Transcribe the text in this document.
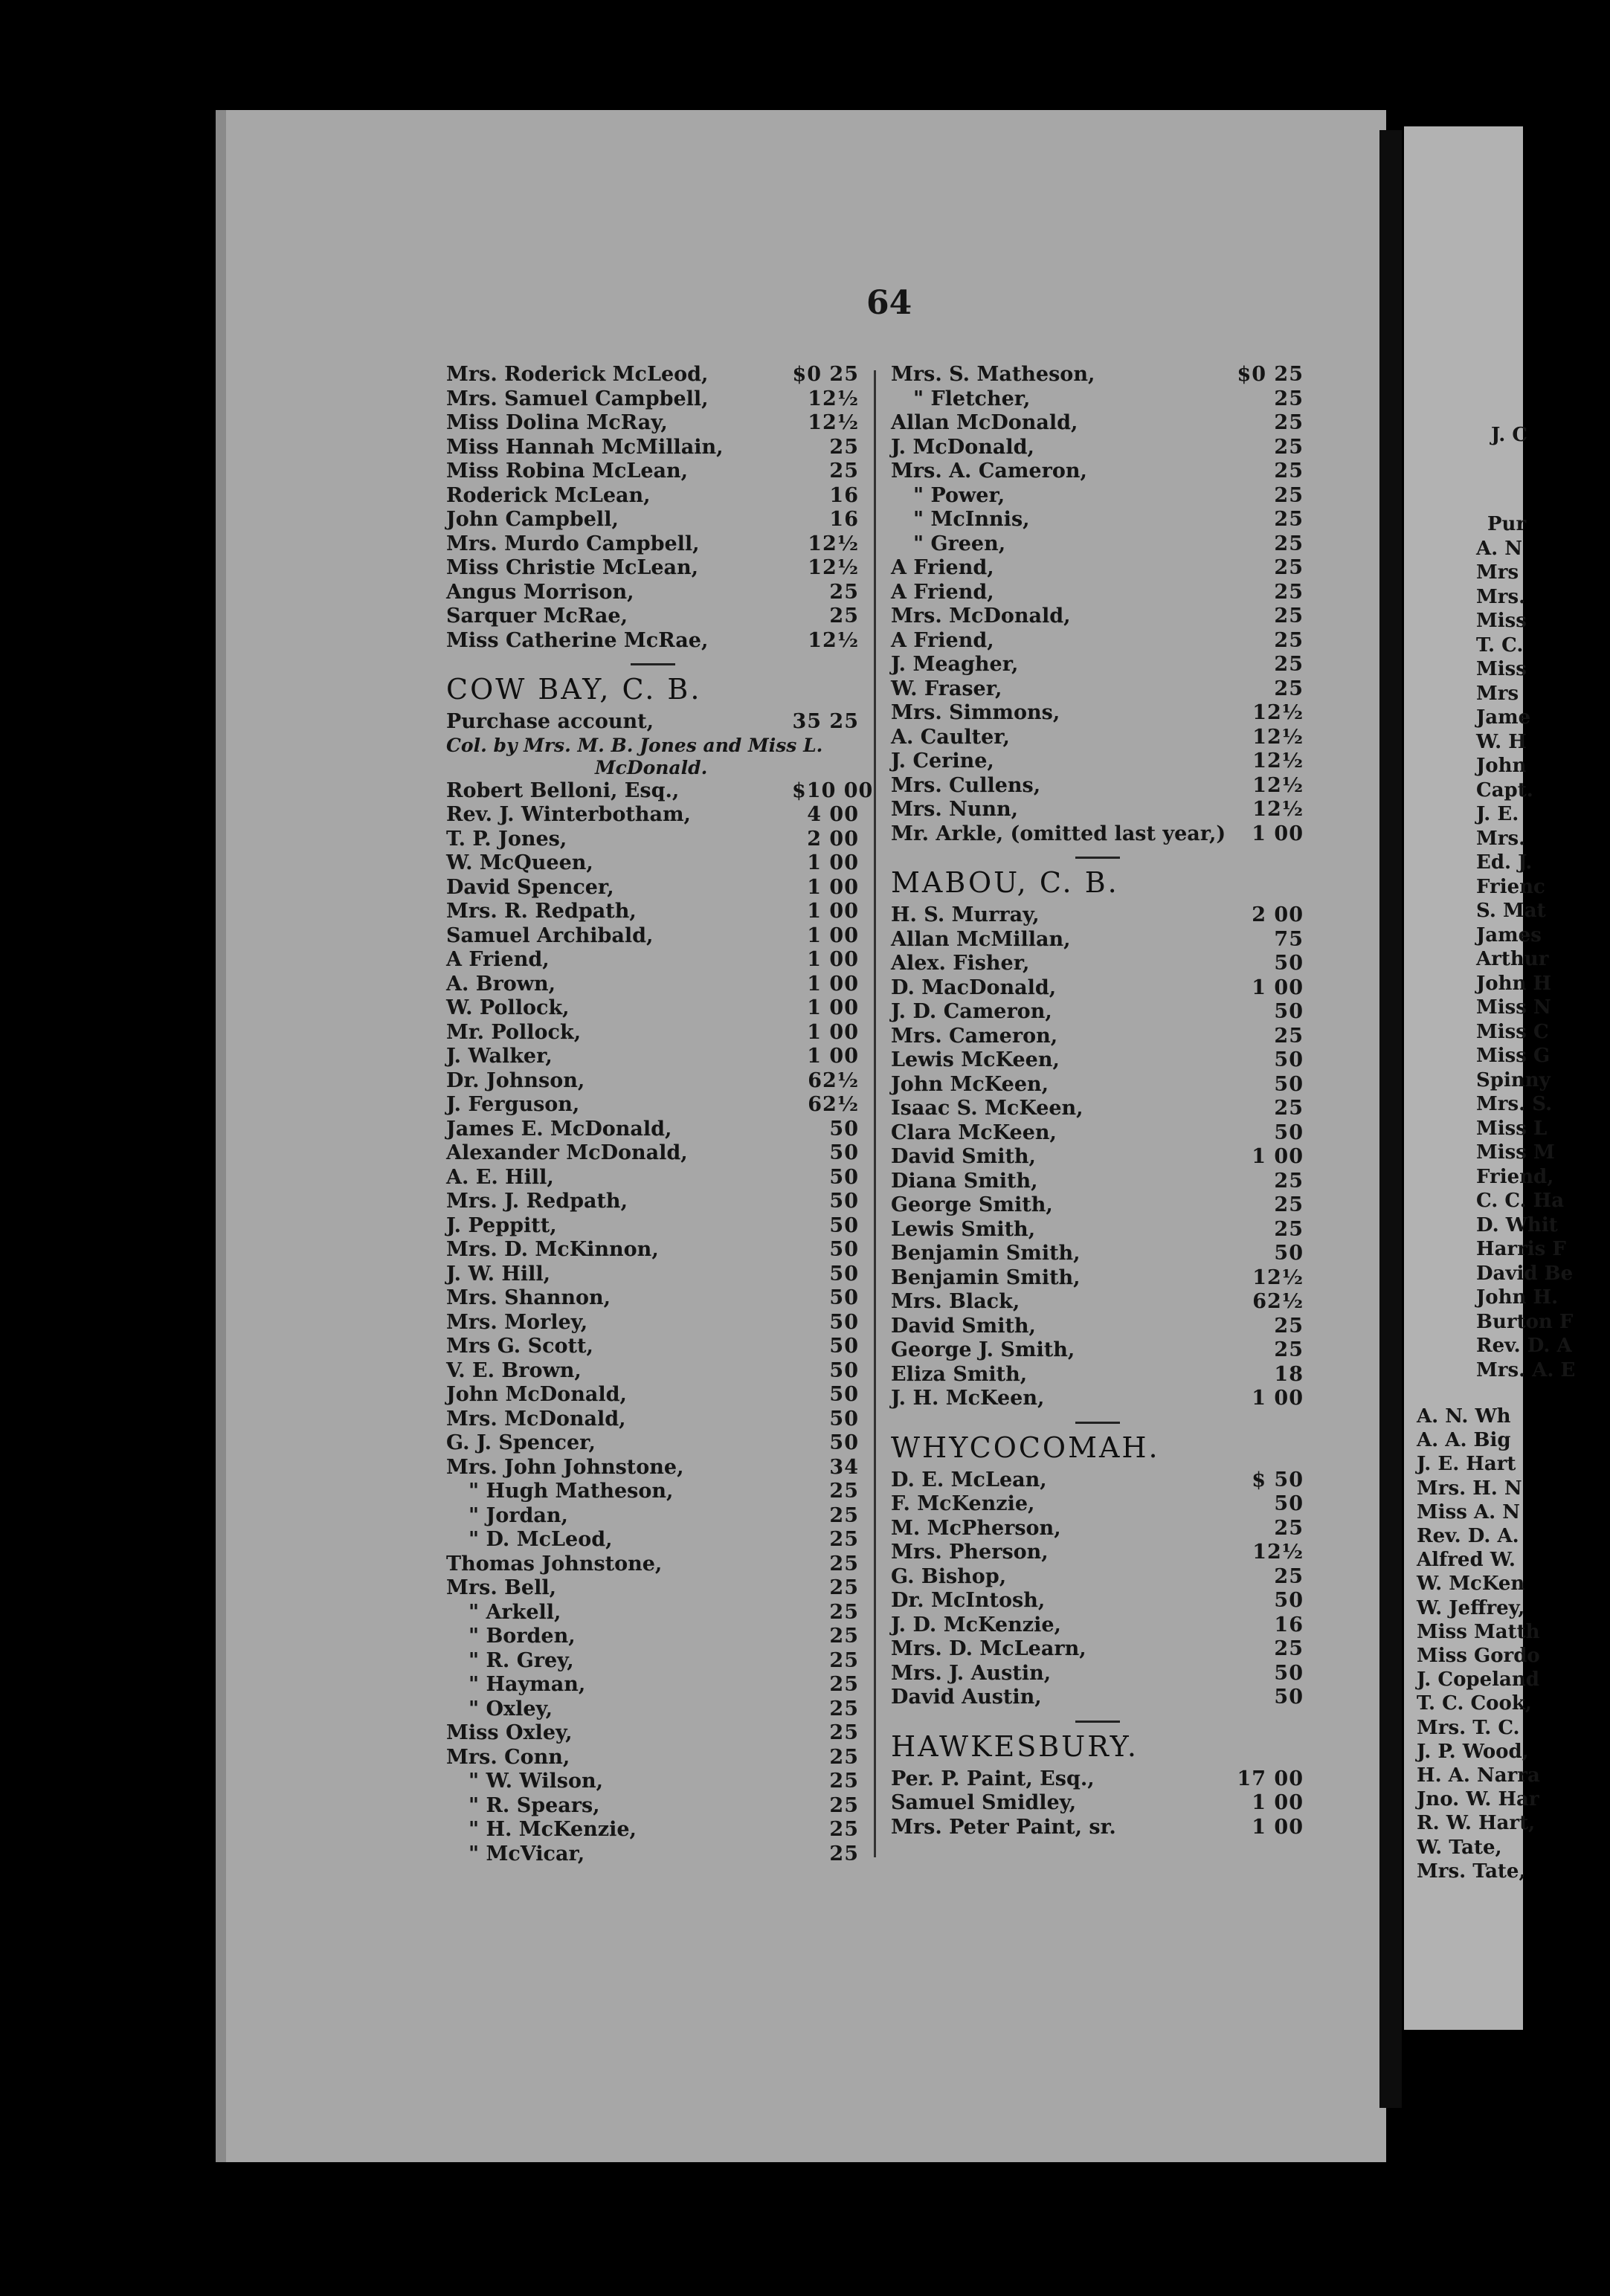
64
Mrs. Roderick McLeod,	$0 25
Mrs. Samuel Campbell,	12½
Miss Dolina McRay,	12½
Miss Hannah McMillain,	25
Miss Robina McLean,	25
Roderick McLean,	16
John Campbell,	16
Mrs. Murdo Campbell,	12½
Miss Christie McLean,	12½
Angus Morrison,	25
Sarquer McRae,	25
Miss Catherine McRae,	12½
COW BAY, C. B.
Purchase account,	35 25
Col. by Mrs. M. B. Jones and Miss L.
McDonald.
Robert Belloni, Esq.,	$10 00
Rev. J. Winterbotham,	4 00
T. P. Jones,	2 00
W. McQueen,	1 00
David Spencer,	1 00
Mrs. R. Redpath,	1 00
Samuel Archibald,	1 00
A Friend,	1 00
A. Brown,	1 00
W. Pollock,	1 00
Mr. Pollock,	1 00
J. Walker,	1 00
Dr. Johnson,	62½
J. Ferguson,	62½
James E. McDonald,	50
Alexander McDonald,	50
A. E. Hill,	50
Mrs. J. Redpath,	50
J. Peppitt,	50
Mrs. D. McKinnon,	50
J. W. Hill,	50
Mrs. Shannon,	50
Mrs. Morley,	50
Mrs G. Scott,	50
V. E. Brown,	50
John McDonald,	50
Mrs. McDonald,	50
G. J. Spencer,	50
Mrs. John Johnstone,	34
" Hugh Matheson,	25
" Jordan,	25
" D. McLeod,	25
Thomas Johnstone,	25
Mrs. Bell,	25
" Arkell,	25
" Borden,	25
" R. Grey,	25
" Hayman,	25
" Oxley,	25
Miss Oxley,	25
Mrs. Conn,	25
" W. Wilson,	25
" R. Spears,	25
" H. McKenzie,	25
" McVicar,	25
Mrs. S. Matheson,	$0 25
" Fletcher,	25
Allan McDonald,	25
J. McDonald,	25
Mrs. A. Cameron,	25
" Power,	25
" McInnis,	25
" Green,	25
A Friend,	25
A Friend,	25
Mrs. McDonald,	25
A Friend,	25
J. Meagher,	25
W. Fraser,	25
Mrs. Simmons,	12½
A. Caulter,	12½
J. Cerine,	12½
Mrs. Cullens,	12½
Mrs. Nunn,	12½
Mr. Arkle, (omitted last year,)	1 00
MABOU, C. B.
H. S. Murray,	2 00
Allan McMillan,	75
Alex. Fisher,	50
D. MacDonald,	1 00
J. D. Cameron,	50
Mrs. Cameron,	25
Lewis McKeen,	50
John McKeen,	50
Isaac S. McKeen,	25
Clara McKeen,	50
David Smith,	1 00
Diana Smith,	25
George Smith,	25
Lewis Smith,	25
Benjamin Smith,	50
Benjamin Smith,	12½
Mrs. Black,	62½
David Smith,	25
George J. Smith,	25
Eliza Smith,	18
J. H. McKeen,	1 00
WHYCOCOMAH.
D. E. McLean,	$ 50
F. McKenzie,	50
M. McPherson,	25
Mrs. Pherson,	12½
G. Bishop,	25
Dr. McIntosh,	50
J. D. McKenzie,	16
Mrs. D. McLearn,	25
Mrs. J. Austin,	50
David Austin,	50
HAWKESBURY.
Per. P. Paint, Esq.,	17 00
Samuel Smidley,	1 00
Mrs. Peter Paint, sr.	1 00
J. C
Pur
A. N
Mrs
Mrs.
Miss
T. C.
Miss
Mrs
Jame
W. H
John
Capt.
J. E.
Mrs.
Ed. J.
Frienc
S. Mat
James
Arthur
John H
Miss N
Miss C
Miss G
Spinny
Mrs. S.
Miss L
Miss M
Friend,
C. C. Ha
D. Whit
Harris F
David Be
John H.
Burton F
Rev. D. A
Mrs. A. E
A. N. Wh
A. A. Big
J. E. Hart
Mrs. H. N
Miss A. N
Rev. D. A.
Alfred W.
W. McKen
W. Jeffrey,
Miss Matth
Miss Gordo
J. Copeland
T. C. Cook,
Mrs. T. C.
J. P. Wood,
H. A. Narra
Jno. W. Har
R. W. Hart,
W. Tate,
Mrs. Tate,
